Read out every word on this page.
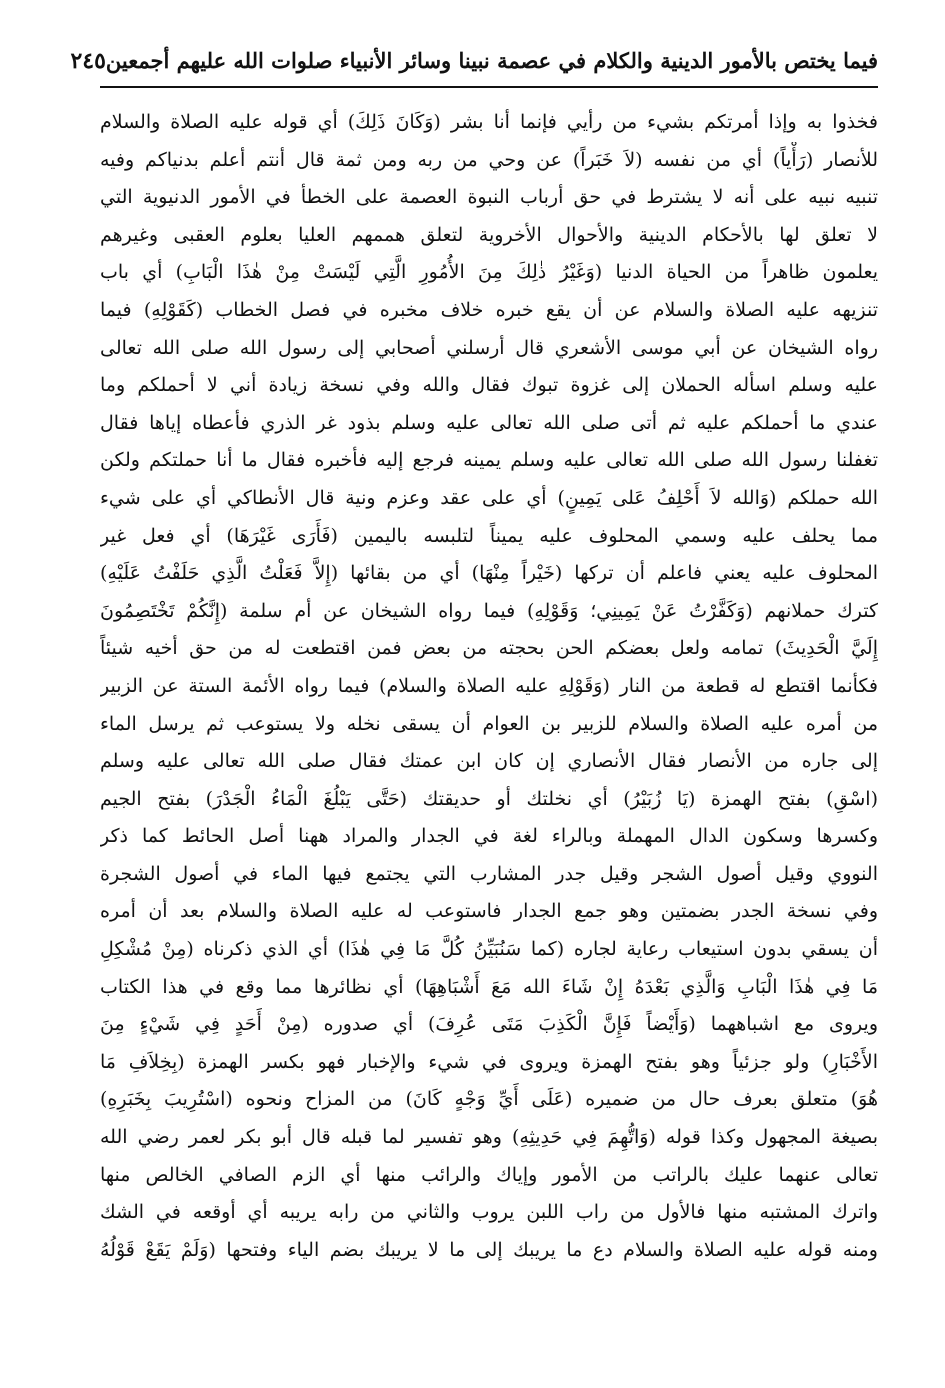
فيما يختص بالأمور الدينية والكلام في عصمة نبينا وسائر الأنبياء صلوات الله عليهم أجمعين
٢٤٥
فخذوا به وإذا أمرتكم بشيء من رأيي فإنما أنا بشر (وَكَانَ ذَلِكَ) أي قوله عليه الصلاة والسلام
للأنصار (رَأْياً) أي من نفسه (لاَ خَبَراً) عن وحي من ربه ومن ثمة قال أنتم أعلم بدنياكم وفيه
تنبيه نبيه على أنه لا يشترط في حق أرباب النبوة العصمة على الخطأ في الأمور الدنيوية التي
لا تعلق لها بالأحكام الدينية والأحوال الأخروية لتعلق هممهم العليا بعلوم العقبى وغيرهم
يعلمون ظاهراً من الحياة الدنيا (وَغَيْرُ ذٰلِكَ مِنَ الأُمُورِ الَّتِي لَيْسَتْ مِنْ هٰذَا الْبَابِ) أي باب
تنزيهه عليه الصلاة والسلام عن أن يقع خبره خلاف مخبره في فصل الخطاب (كَقَوْلِهِ) فيما
رواه الشيخان عن أبي موسى الأشعري قال أرسلني أصحابي إلى رسول الله صلى الله تعالى
عليه وسلم اسأله الحملان إلى غزوة تبوك فقال والله وفي نسخة زيادة أني لا أحملكم وما
عندي ما أحملكم عليه ثم أتى صلى الله تعالى عليه وسلم بذود غر الذري فأعطاه إياها فقال
تغفلنا رسول الله صلى الله تعالى عليه وسلم يمينه فرجع إليه فأخبره فقال ما أنا حملتكم ولكن
الله حملكم (وَالله لاَ أَحْلِفُ عَلى يَمِينٍ) أي على عقد وعزم ونية قال الأنطاكي أي على شيء
مما يحلف عليه وسمي المحلوف عليه يميناً لتلبسه باليمين (فَأَرَى غَيْرَهَا) أي فعل غير
المحلوف عليه يعني فاعلم أن تركها (خَيْراً مِنْهَا) أي من بقائها (إِلاَّ فَعَلْتُ الَّذِي حَلَفْتُ عَلَيْهِ)
كترك حملانهم (وَكَفَّرْتُ عَنْ يَمِينِي؛ وَقَوْلِهِ) فيما رواه الشيخان عن أم سلمة (إِنَّكُمْ تَخْتَصِمُونَ
إِلَيَّ الْحَدِيثَ) تمامه ولعل بعضكم الحن بحجته من بعض فمن اقتطعت له من حق أخيه شيئاً
فكأنما اقتطع له قطعة من النار (وَقَوْلِهِ عليه الصلاة والسلام) فيما رواه الأئمة الستة عن الزبير
من أمره عليه الصلاة والسلام للزبير بن العوام أن يسقى نخله ولا يستوعب ثم يرسل الماء
إلى جاره من الأنصار فقال الأنصاري إن كان ابن عمتك فقال صلى الله تعالى عليه وسلم
(اسْقِ) بفتح الهمزة (يَا زُبَيْرُ) أي نخلتك أو حديقتك (حَتَّى يَبْلُغَ الْمَاءُ الْجَدْرَ) بفتح الجيم
وكسرها وسكون الدال المهملة وبالراء لغة في الجدار والمراد ههنا أصل الحائط كما ذكر
النووي وقيل أصول الشجر وقيل جدر المشارب التي يجتمع فيها الماء في أصول الشجرة
وفي نسخة الجدر بضمتين وهو جمع الجدار فاستوعب له عليه الصلاة والسلام بعد أن أمره
أن يسقي بدون استيعاب رعاية لجاره (كما سَنُبَيِّنُ كُلَّ مَا فِي هٰذَا) أي الذي ذكرناه (مِنْ مُشْكِلِ
مَا فِي هٰذَا الْبَابِ وَالَّذِي بَعْدَهُ إِنْ شَاءَ الله مَعَ أَشْبَاهِهَا) أي نظائرها مما وقع في هذا الكتاب
ويروى مع اشباههما (وَأَيْضاً فَإِنَّ الْكَذِبَ مَتَى عُرِفَ) أي صدوره (مِنْ أَحَدٍ فِي شَيْءٍ مِنَ
الأَخْبَارِ) ولو جزئياً وهو بفتح الهمزة ويروى في شيء والإخبار فهو بكسر الهمزة (بِخِلاَفِ مَا
هُوَ) متعلق بعرف حال من ضميره (عَلَى أَيِّ وَجْهٍ كَانَ) من المزاح ونحوه (اسْتُرِيبَ بِخَبَرِهِ)
بصيغة المجهول وكذا قوله (وَاتُّهِمَ فِي حَدِيثِهِ) وهو تفسير لما قبله قال أبو بكر لعمر رضي الله
تعالى عنهما عليك بالراتب من الأمور وإياك والرائب منها أي الزم الصافي الخالص منها
واترك المشتبه منها فالأول من راب اللبن يروب والثاني من رابه يريبه أي أوقعه في الشك
ومنه قوله عليه الصلاة والسلام دع ما يريبك إلى ما لا يريبك بضم الياء وفتحها (وَلَمْ يَقَعْ قَوْلُهُ
